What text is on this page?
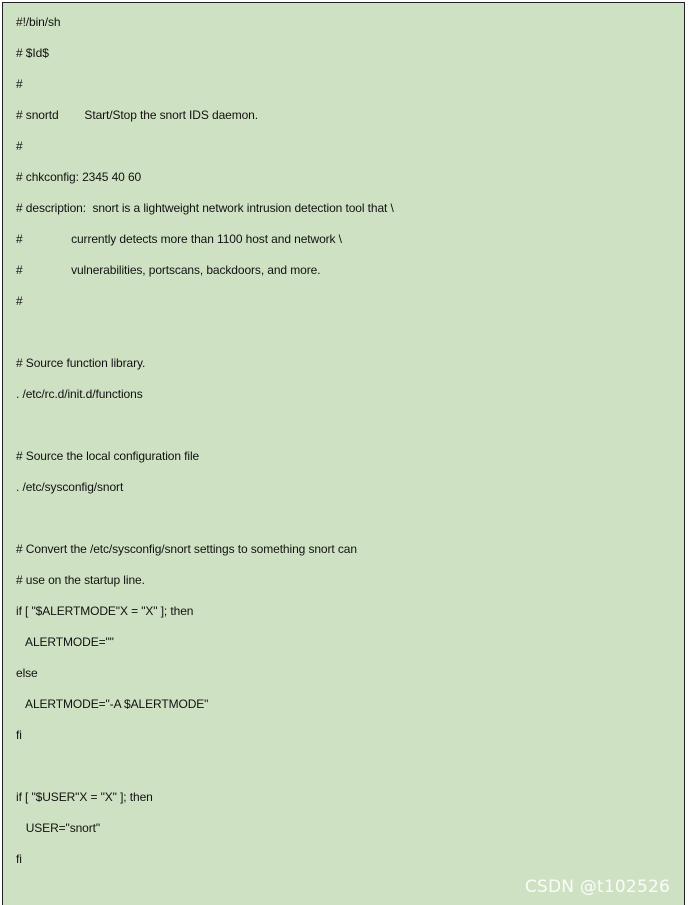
#!/bin/sh
# $Id$
#
# snortd        Start/Stop the snort IDS daemon.
#
# chkconfig: 2345 40 60
# description:  snort is a lightweight network intrusion detection tool that \
#               currently detects more than 1100 host and network \
#               vulnerabilities, portscans, backdoors, and more.
#
# Source function library.
. /etc/rc.d/init.d/functions
# Source the local configuration file
. /etc/sysconfig/snort
# Convert the /etc/sysconfig/snort settings to something snort can
# use on the startup line.
if [ "$ALERTMODE"X = "X" ]; then
ALERTMODE=""
else
ALERTMODE="-A $ALERTMODE"
fi
if [ "$USER"X = "X" ]; then
USER="snort"
fi
CSDN @t102526
